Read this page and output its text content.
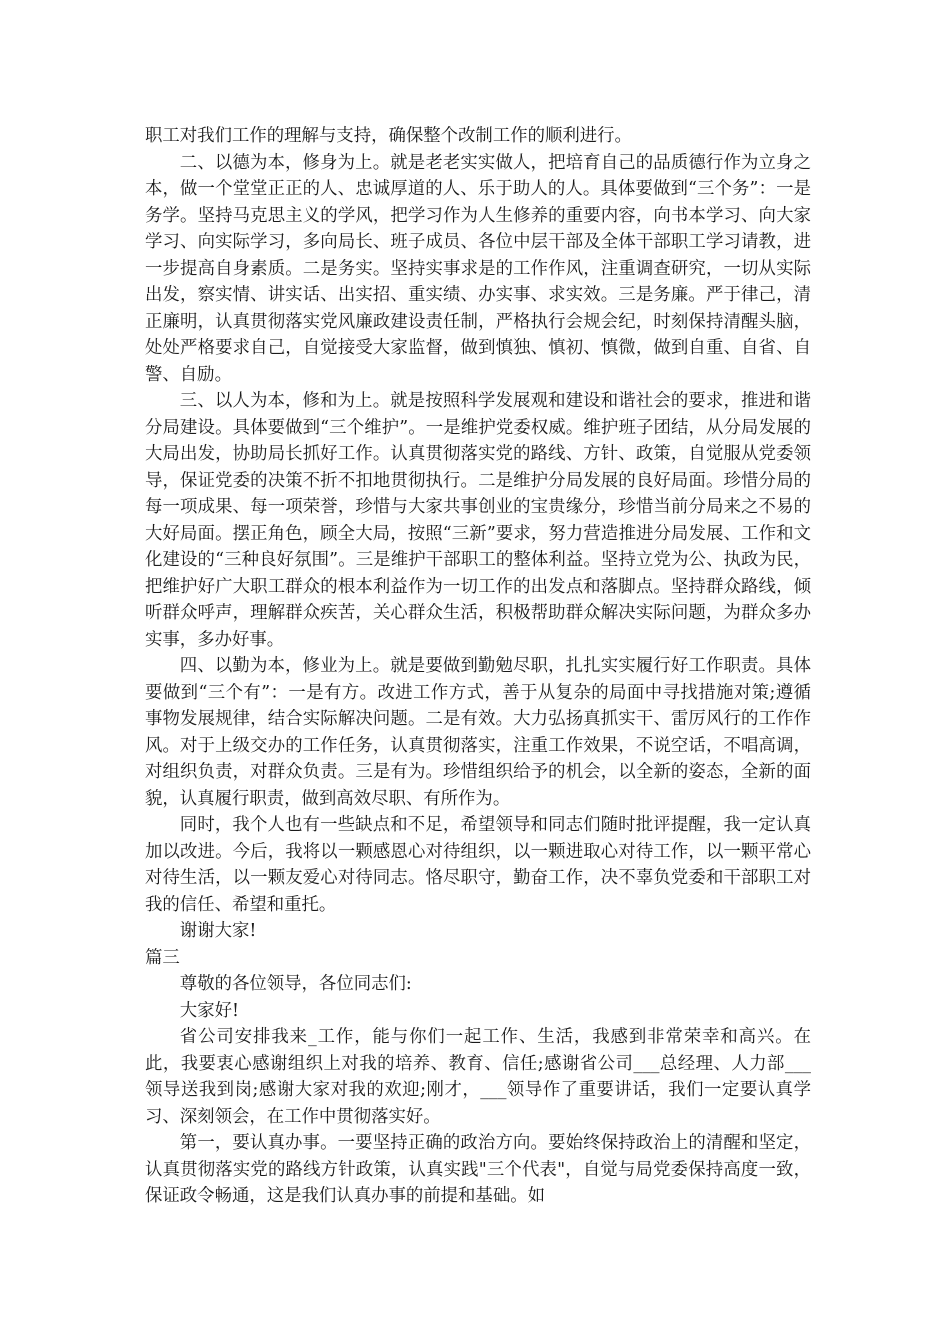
职工对我们工作的理解与支持，确保整个改制工作的顺利进行。

二、以德为本，修身为上。就是老老实实做人，把培育自己的品质德行作为立身之本，做一个堂堂正正的人、忠诚厚道的人、乐于助人的人。具体要做到“三个务”：一是务学。坚持马克思主义的学风，把学习作为人生修养的重要内容，向书本学习、向大家学习、向实际学习，多向局长、班子成员、各位中层干部及全体干部职工学习请教，进一步提高自身素质。二是务实。坚持实事求是的工作作风，注重调查研究，一切从实际出发，察实情、讲实话、出实招、重实绩、办实事、求实效。三是务廉。严于律己，清正廉明，认真贯彻落实党风廉政建设责任制，严格执行会规会纪，时刻保持清醒头脑，处处严格要求自己，自觉接受大家监督，做到慎独、慎初、慎微，做到自重、自省、自警、自励。

三、以人为本，修和为上。就是按照科学发展观和建设和谐社会的要求，推进和谐分局建设。具体要做到“三个维护”。一是维护党委权威。维护班子团结，从分局发展的大局出发，协助局长抓好工作。认真贯彻落实党的路线、方针、政策，自觉服从党委领导，保证党委的决策不折不扣地贯彻执行。二是维护分局发展的良好局面。珍惜分局的每一项成果、每一项荣誉，珍惜与大家共事创业的宝贵缘分，珍惜当前分局来之不易的大好局面。摆正角色，顾全大局，按照“三新”要求，努力营造推进分局发展、工作和文化建设的“三种良好氛围”。三是维护干部职工的整体利益。坚持立党为公、执政为民，把维护好广大职工群众的根本利益作为一切工作的出发点和落脚点。坚持群众路线，倾听群众呼声，理解群众疾苦，关心群众生活，积极帮助群众解决实际问题，为群众多办实事，多办好事。

四、以勤为本，修业为上。就是要做到勤勉尽职，扎扎实实履行好工作职责。具体要做到“三个有”：一是有方。改进工作方式，善于从复杂的局面中寻找措施对策;遵循事物发展规律，结合实际解决问题。二是有效。大力弘扬真抓实干、雷厉风行的工作作风。对于上级交办的工作任务，认真贯彻落实，注重工作效果，不说空话，不唱高调，对组织负责，对群众负责。三是有为。珍惜组织给予的机会，以全新的姿态，全新的面貌，认真履行职责，做到高效尽职、有所作为。

同时，我个人也有一些缺点和不足，希望领导和同志们随时批评提醒，我一定认真加以改进。今后，我将以一颗感恩心对待组织，以一颗进取心对待工作，以一颗平常心对待生活，以一颗友爱心对待同志。恪尽职守，勤奋工作，决不辜负党委和干部职工对我的信任、希望和重托。

谢谢大家!

篇三

尊敬的各位领导，各位同志们:

大家好!

省公司安排我来_工作，能与你们一起工作、生活，我感到非常荣幸和高兴。在此，我要衷心感谢组织上对我的培养、教育、信任;感谢省公司___总经理、人力部___领导送我到岗;感谢大家对我的欢迎;刚才，___领导作了重要讲话，我们一定要认真学习、深刻领会，在工作中贯彻落实好。

第一，要认真办事。一要坚持正确的政治方向。要始终保持政治上的清醒和坚定，认真贯彻落实党的路线方针政策，认真实践"三个代表"，自觉与局党委保持高度一致，保证政令畅通，这是我们认真办事的前提和基础。如
